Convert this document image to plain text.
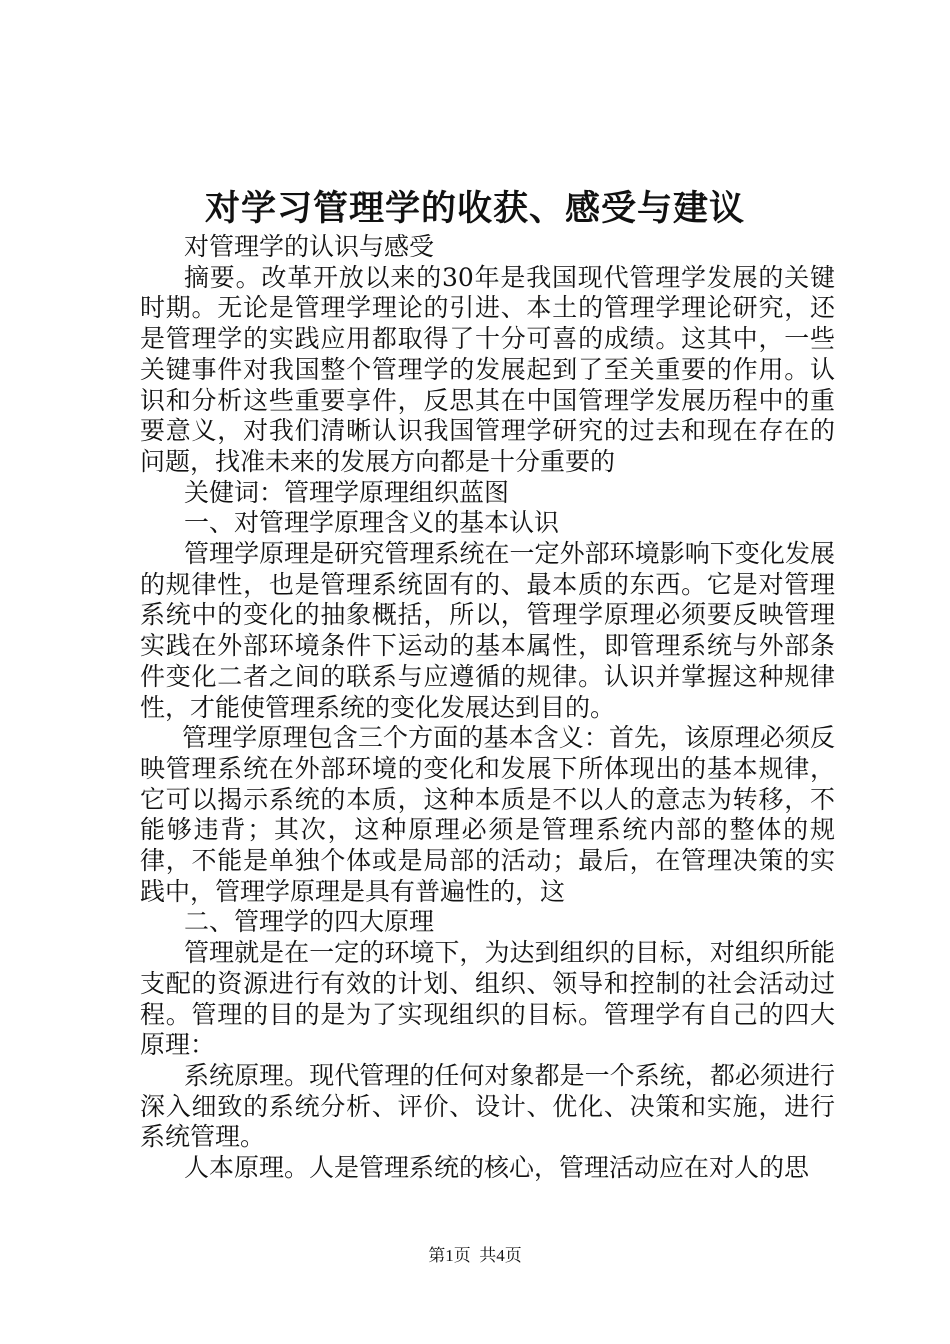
对学习管理学的收获、感受与建议

对管理学的认识与感受

摘要。改革开放以来的30年是我国现代管理学发展的关键时期。无论是管理学理论的引进、本土的管理学理论研究，还是管理学的实践应用都取得了十分可喜的成绩。这其中，一些关键事件对我国整个管理学的发展起到了至关重要的作用。认识和分析这些重要享件，反思其在中国管理学发展历程中的重要意义，对我们清晰认识我国管理学研究的过去和现在存在的问题，找准未来的发展方向都是十分重要的

关健词：管理学原理组织蓝图

一、对管理学原理含义的基本认识

管理学原理是研究管理系统在一定外部环境影响下变化发展的规律性，也是管理系统固有的、最本质的东西。它是对管理系统中的变化的抽象概括，所以，管理学原理必须要反映管理实践在外部环境条件下运动的基本属性，即管理系统与外部条件变化二者之间的联系与应遵循的规律。认识并掌握这种规律性，才能使管理系统的变化发展达到目的。

管理学原理包含三个方面的基本含义：首先，该原理必须反映管理系统在外部环境的变化和发展下所体现出的基本规律，它可以揭示系统的本质，这种本质是不以人的意志为转移，不能够违背；其次，这种原理必须是管理系统内部的整体的规律，不能是单独个体或是局部的活动；最后，在管理决策的实践中，管理学原理是具有普遍性的，这

二、管理学的四大原理

管理就是在一定的环境下，为达到组织的目标，对组织所能支配的资源进行有效的计划、组织、领导和控制的社会活动过程。管理的目的是为了实现组织的目标。管理学有自己的四大原理：

系统原理。现代管理的任何对象都是一个系统，都必须进行深入细致的系统分析、评价、设计、优化、决策和实施，进行系统管理。

人本原理。人是管理系统的核心，管理活动应在对人的思

第1页  共4页
